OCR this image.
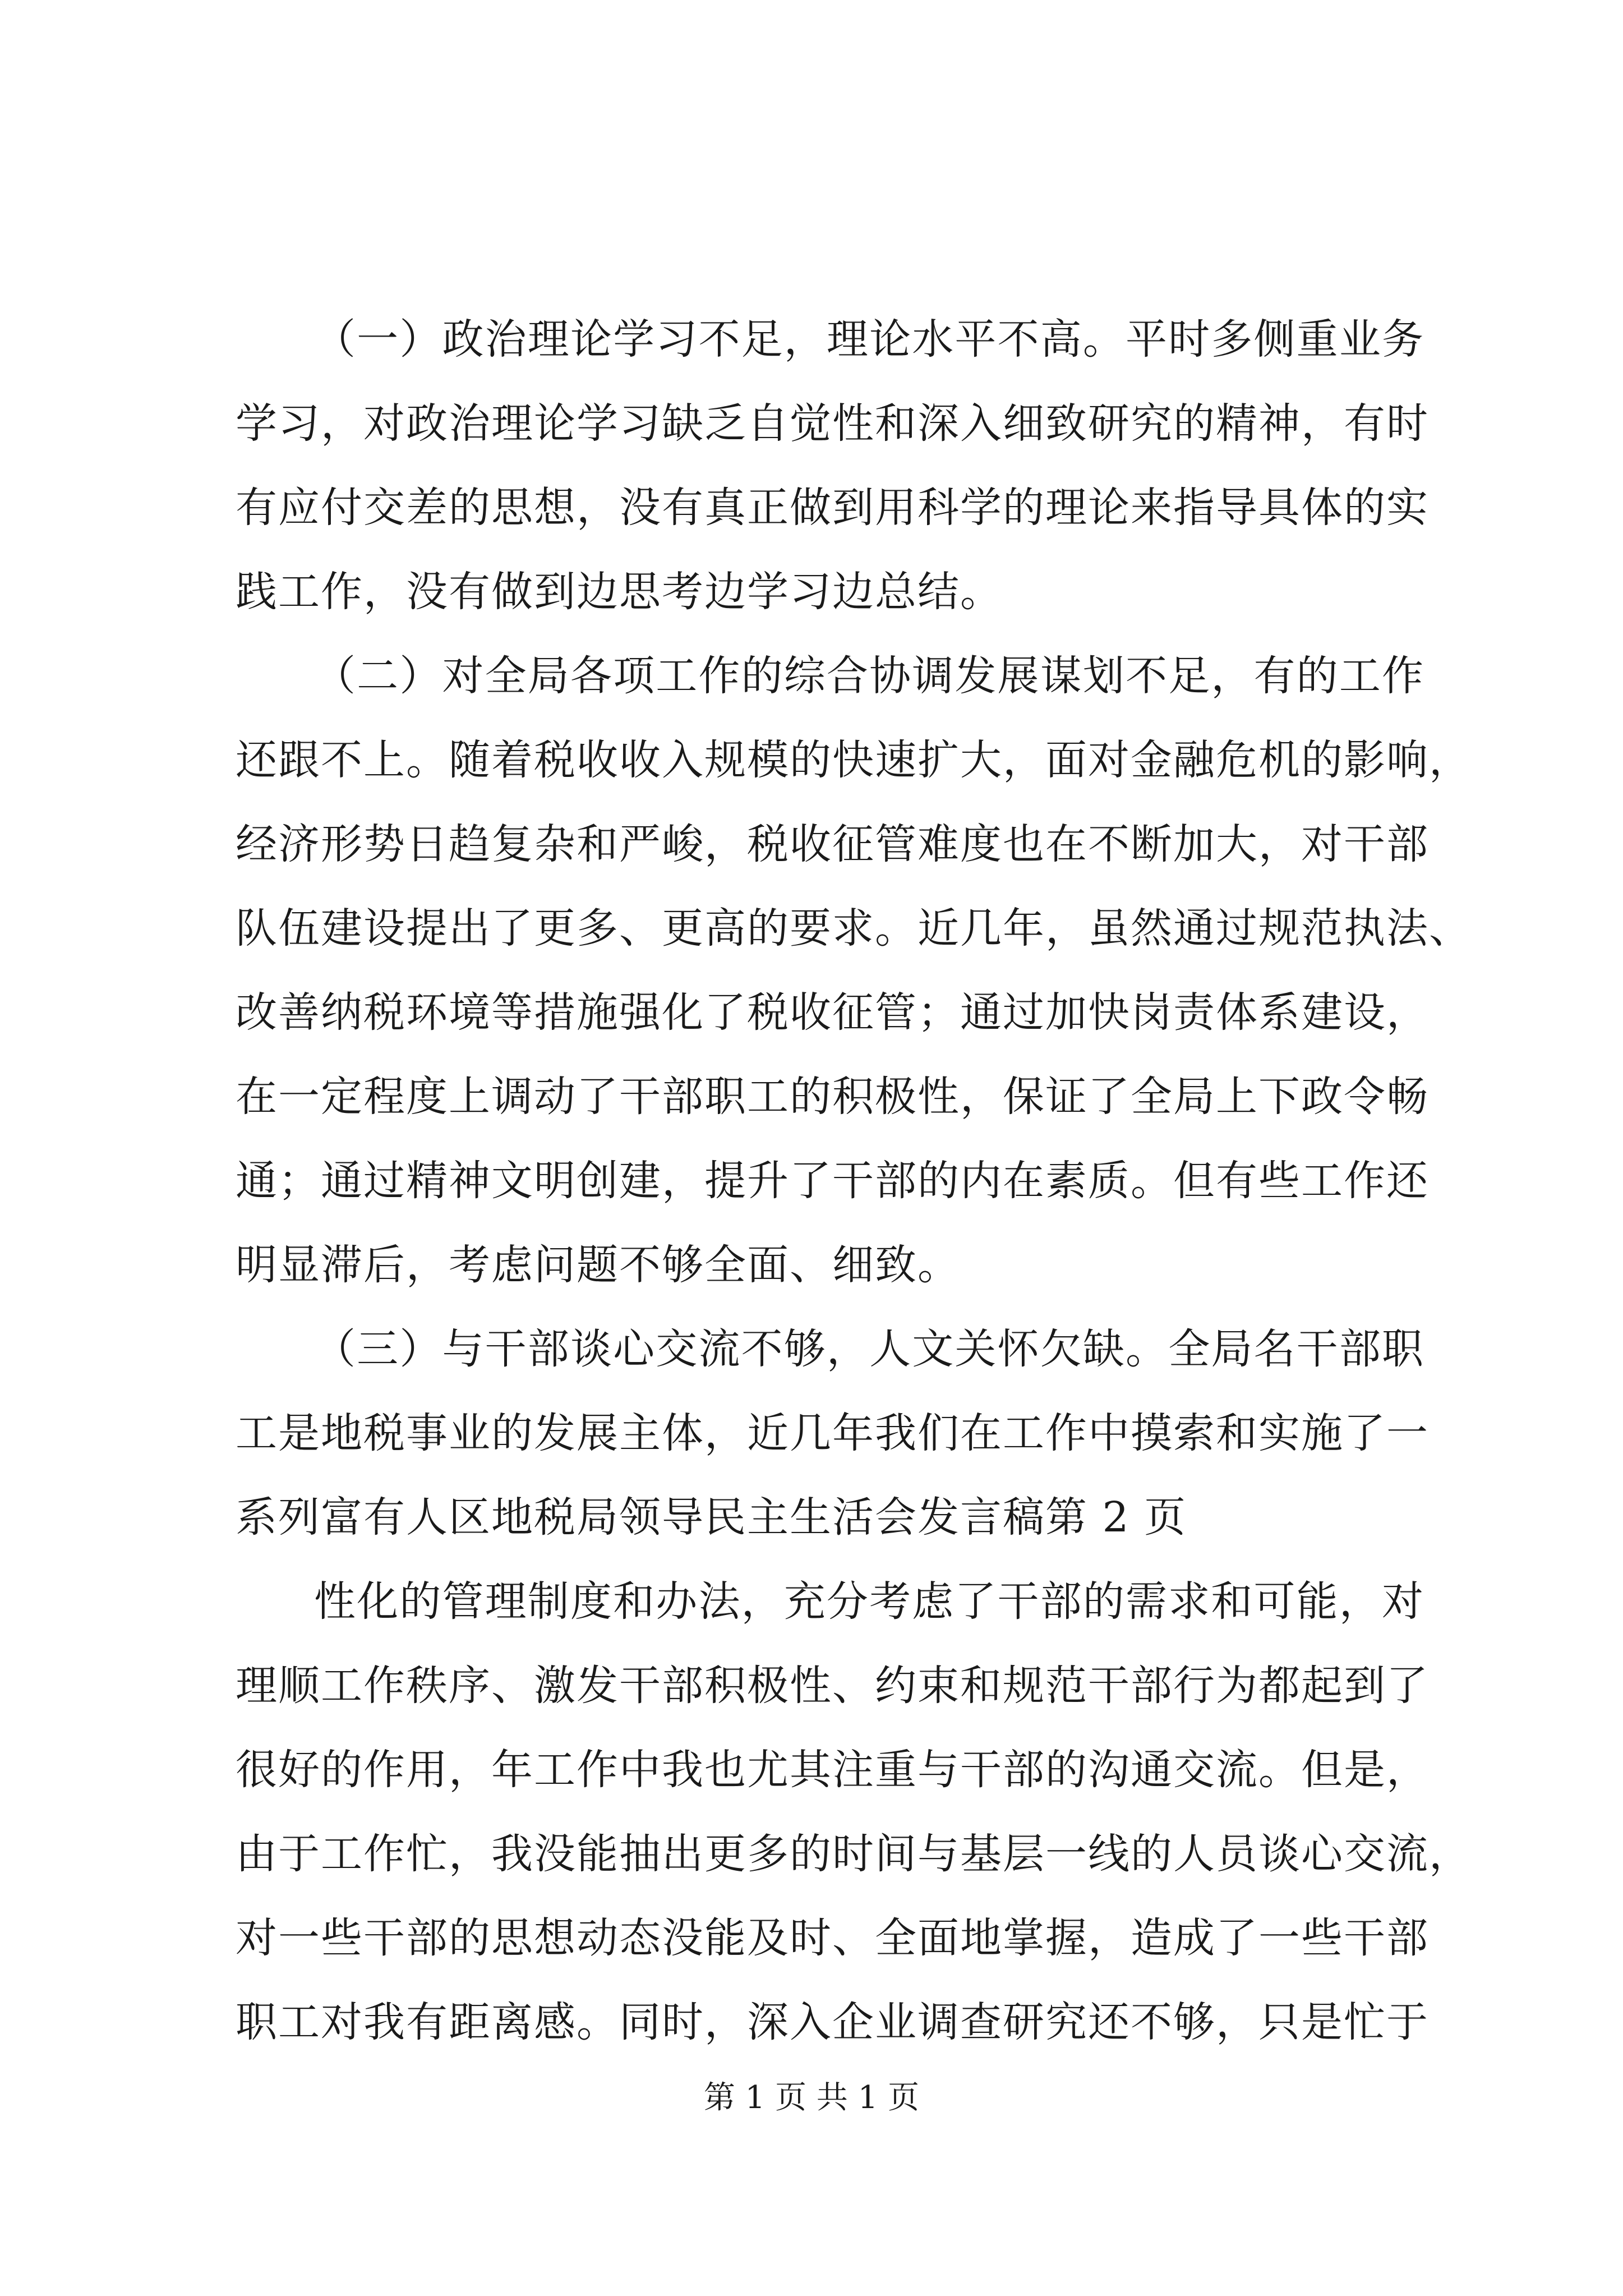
（一）政治理论学习不足，理论水平不高。平时多侧重业务
学习，对政治理论学习缺乏自觉性和深入细致研究的精神，有时
有应付交差的思想，没有真正做到用科学的理论来指导具体的实
践工作，没有做到边思考边学习边总结。
（二）对全局各项工作的综合协调发展谋划不足，有的工作
还跟不上。随着税收收入规模的快速扩大，面对金融危机的影响，
经济形势日趋复杂和严峻，税收征管难度也在不断加大，对干部
队伍建设提出了更多、更高的要求。近几年，虽然通过规范执法、
改善纳税环境等措施强化了税收征管；通过加快岗责体系建设，
在一定程度上调动了干部职工的积极性，保证了全局上下政令畅
通；通过精神文明创建，提升了干部的内在素质。但有些工作还
明显滞后，考虑问题不够全面、细致。
（三）与干部谈心交流不够，人文关怀欠缺。全局名干部职
工是地税事业的发展主体，近几年我们在工作中摸索和实施了一
系列富有人区地税局领导民主生活会发言稿第 2 页
性化的管理制度和办法，充分考虑了干部的需求和可能，对
理顺工作秩序、激发干部积极性、约束和规范干部行为都起到了
很好的作用，年工作中我也尤其注重与干部的沟通交流。但是，
由于工作忙，我没能抽出更多的时间与基层一线的人员谈心交流，
对一些干部的思想动态没能及时、全面地掌握，造成了一些干部
职工对我有距离感。同时，深入企业调查研究还不够，只是忙于
第 1 页 共 1 页
